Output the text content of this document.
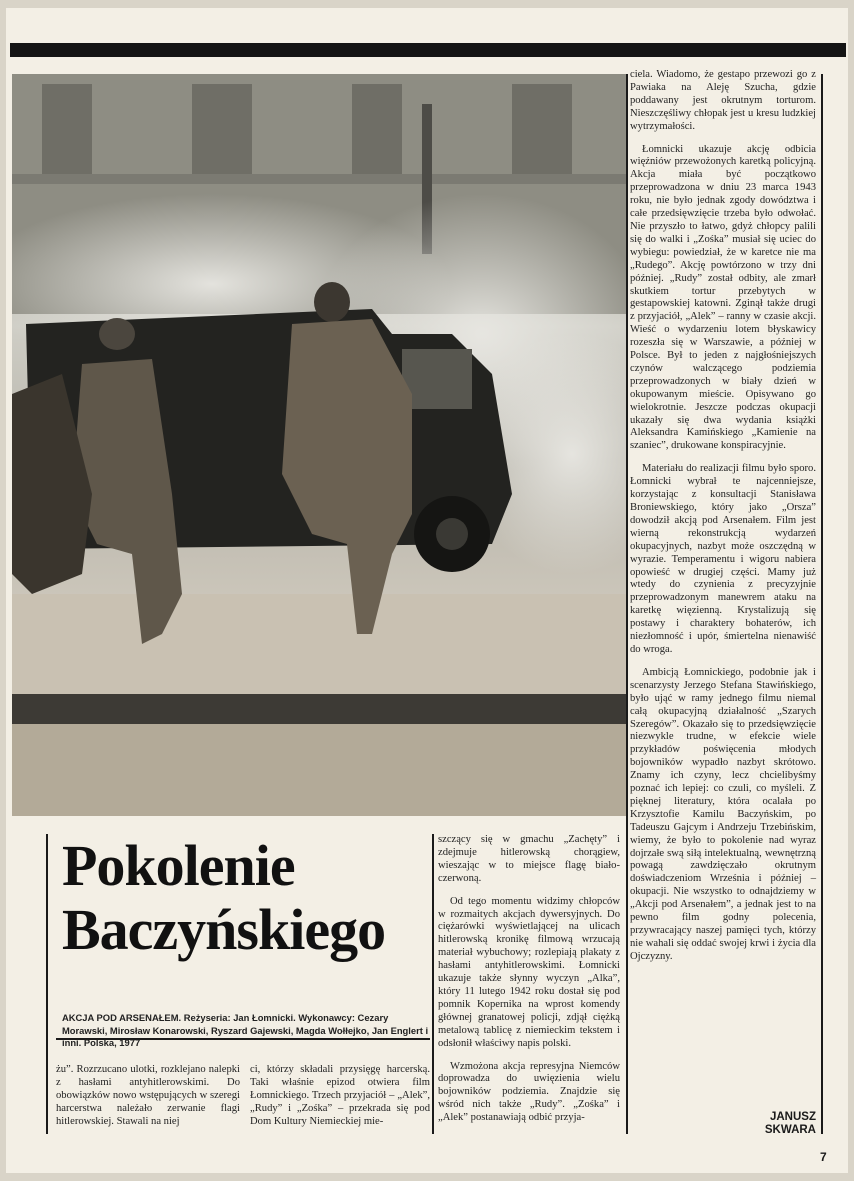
ciela. Wiadomo, że gestapo przewozi go z Pawiaka na Aleję Szucha, gdzie poddawany jest okrutnym torturom. Nieszczęśliwy chłopak jest u kresu ludzkiej wytrzymałości.

Łomnicki ukazuje akcję odbicia więźniów przewożonych karetką policyjną. Akcja miała być początkowo przeprowadzona w dniu 23 marca 1943 roku, nie było jednak zgody dowództwa i całe przedsięwzięcie trzeba było odwołać. Nie przyszło to łatwo, gdyż chłopcy palili się do walki i „Zośka” musiał się uciec do wybiegu: powiedział, że w karetce nie ma „Rudego”. Akcję powtórzono w trzy dni później. „Rudy” został odbity, ale zmarł skutkiem tortur przebytych w gestapowskiej katowni. Zginął także drugi z przyjaciół, „Alek” – ranny w czasie akcji. Wieść o wydarzeniu lotem błyskawicy rozeszła się w Warszawie, a później w Polsce. Był to jeden z najgłośniejszych czynów walczącego podziemia przeprowadzonych w biały dzień w okupowanym mieście. Opisywano go wielokrotnie. Jeszcze podczas okupacji ukazały się dwa wydania książki Aleksandra Kamińskiego „Kamienie na szaniec”, drukowane konspiracyjnie.

Materiału do realizacji filmu było sporo. Łomnicki wybrał te najcenniejsze, korzystając z konsultacji Stanisława Broniewskiego, który jako „Orsza” dowodził akcją pod Arsenałem. Film jest wierną rekonstrukcją wydarzeń okupacyjnych, nazbyt może oszczędną w wyrazie. Temperamentu i wigoru nabiera opowieść w drugiej części. Mamy już wtedy do czynienia z precyzyjnie przeprowadzonym manewrem ataku na karetkę więzienną. Krystalizują się postawy i charaktery bohaterów, ich niezłomność i upór, śmiertelna nienawiść do wroga.

Ambicją Łomnickiego, podobnie jak i scenarzysty Jerzego Stefana Stawińskiego, było ująć w ramy jednego filmu niemal całą okupacyjną działalność „Szarych Szeregów”. Okazało się to przedsięwzięcie niezwykle trudne, w efekcie wiele przykładów poświęcenia młodych bojowników wypadło nazbyt skrótowo. Znamy ich czyny, lecz chcielibyśmy poznać ich lepiej: co czuli, co myśleli. Z pięknej literatury, która ocalała po Krzysztofie Kamilu Baczyńskim, po Tadeuszu Gajcym i Andrzeju Trzebińskim, wiemy, że było to pokolenie nad wyraz dojrzałe swą siłą intelektualną, wewnętrzną powagą zawdzięczało okrutnym doświadczeniom Września i później – okupacji. Nie wszystko to odnajdziemy w „Akcji pod Arsenałem”, a jednak jest to na pewno film godny polecenia, przywracający naszej pamięci tych, którzy nie wahali się oddać swojej krwi i życia dla Ojczyzny.

Pokolenie
Baczyńskiego
AKCJA POD ARSENAŁEM. Reżyseria: Jan Łomnicki. Wykonawcy: Cezary Morawski, Mirosław Konarowski, Ryszard Gajewski, Magda Wołłejko, Jan Englert i inni. Polska, 1977

żu”. Rozrzucano ulotki, rozklejano nalepki z hasłami antyhitlerowskimi. Do obowiązków nowo wstępujących w szeregi harcerstwa należało zerwanie flagi hitlerowskiej. Stawali na niej

ci, którzy składali przysięgę harcerską. Taki właśnie epizod otwiera film Łomnickiego. Trzech przyjaciół – „Alek”, „Rudy” i „Zośka” – przekrada się pod Dom Kultury Niemieckiej mie-

szczący się w gmachu „Zachęty” i zdejmuje hitlerowską chorągiew, wieszając w to miejsce flagę biało-czerwoną.

Od tego momentu widzimy chłopców w rozmaitych akcjach dywersyjnych. Do ciężarówki wyświetlającej na ulicach hitlerowską kronikę filmową wrzucają materiał wybuchowy; rozlepiają plakaty z hasłami antyhitlerowskimi. Łomnicki ukazuje także słynny wyczyn „Alka”, który 11 lutego 1942 roku dostał się pod pomnik Kopernika na wprost komendy głównej granatowej policji, zdjął ciężką metalową tablicę z niemieckim tekstem i odsłonił właściwy napis polski.

Wzmożona akcja represyjna Niemców doprowadza do uwięzienia wielu bojowników podziemia. Znajdzie się wśród nich także „Rudy”. „Zośka” i „Alek” postanawiają odbić przyja-	JANUSZ
SKWARA
7
